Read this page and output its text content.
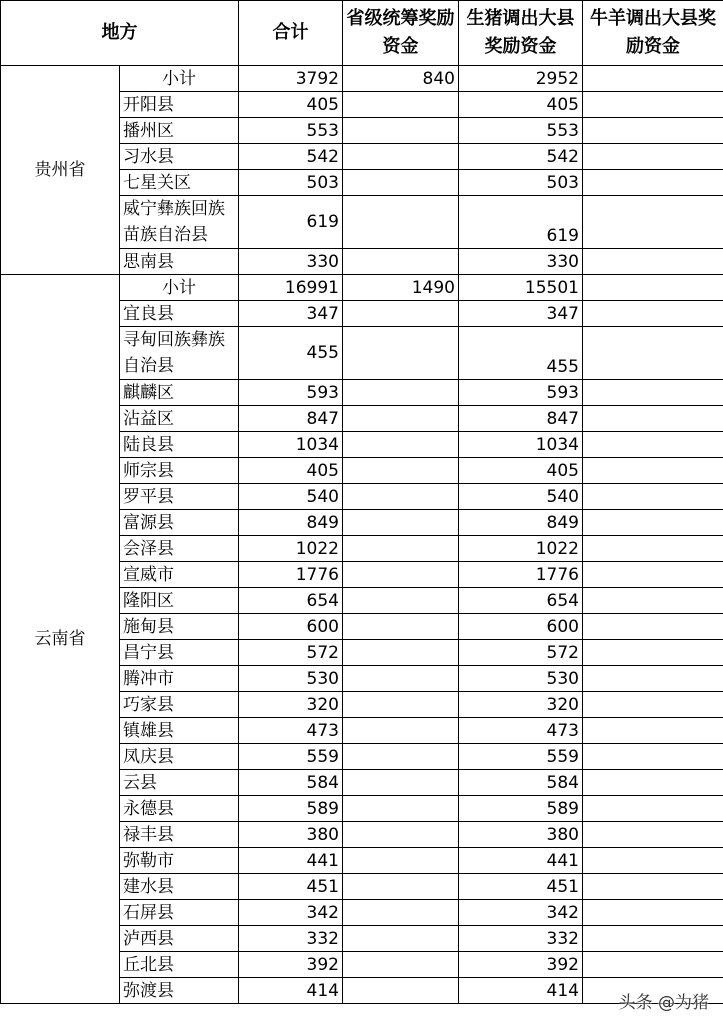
地方		合计	省级统筹奖励资金	生猪调出大县奖励资金	牛羊调出大县奖励资金
贵州省	小计	3792	840	2952	
	开阳县	405		405	
	播州区	553		553	
	习水县	542		542	
	七星关区	503		503	
	威宁彝族回族苗族自治县	619		619	
	思南县	330		330	
云南省	小计	16991	1490	15501	
	宜良县	347		347	
	寻甸回族彝族自治县	455		455	
	麒麟区	593		593	
	沾益区	847		847	
	陆良县	1034		1034	
	师宗县	405		405	
	罗平县	540		540	
	富源县	849		849	
	会泽县	1022		1022	
	宣威市	1776		1776	
	隆阳区	654		654	
	施甸县	600		600	
	昌宁县	572		572	
	腾冲市	530		530	
	巧家县	320		320	
	镇雄县	473		473	
	凤庆县	559		559	
	云县	584		584	
	永德县	589		589	
	禄丰县	380		380	
	弥勒市	441		441	
	建水县	451		451	
	石屏县	342		342	
	泸西县	332		332	
	丘北县	392		392	
	弥渡县	414		414	
头条 @为猪
